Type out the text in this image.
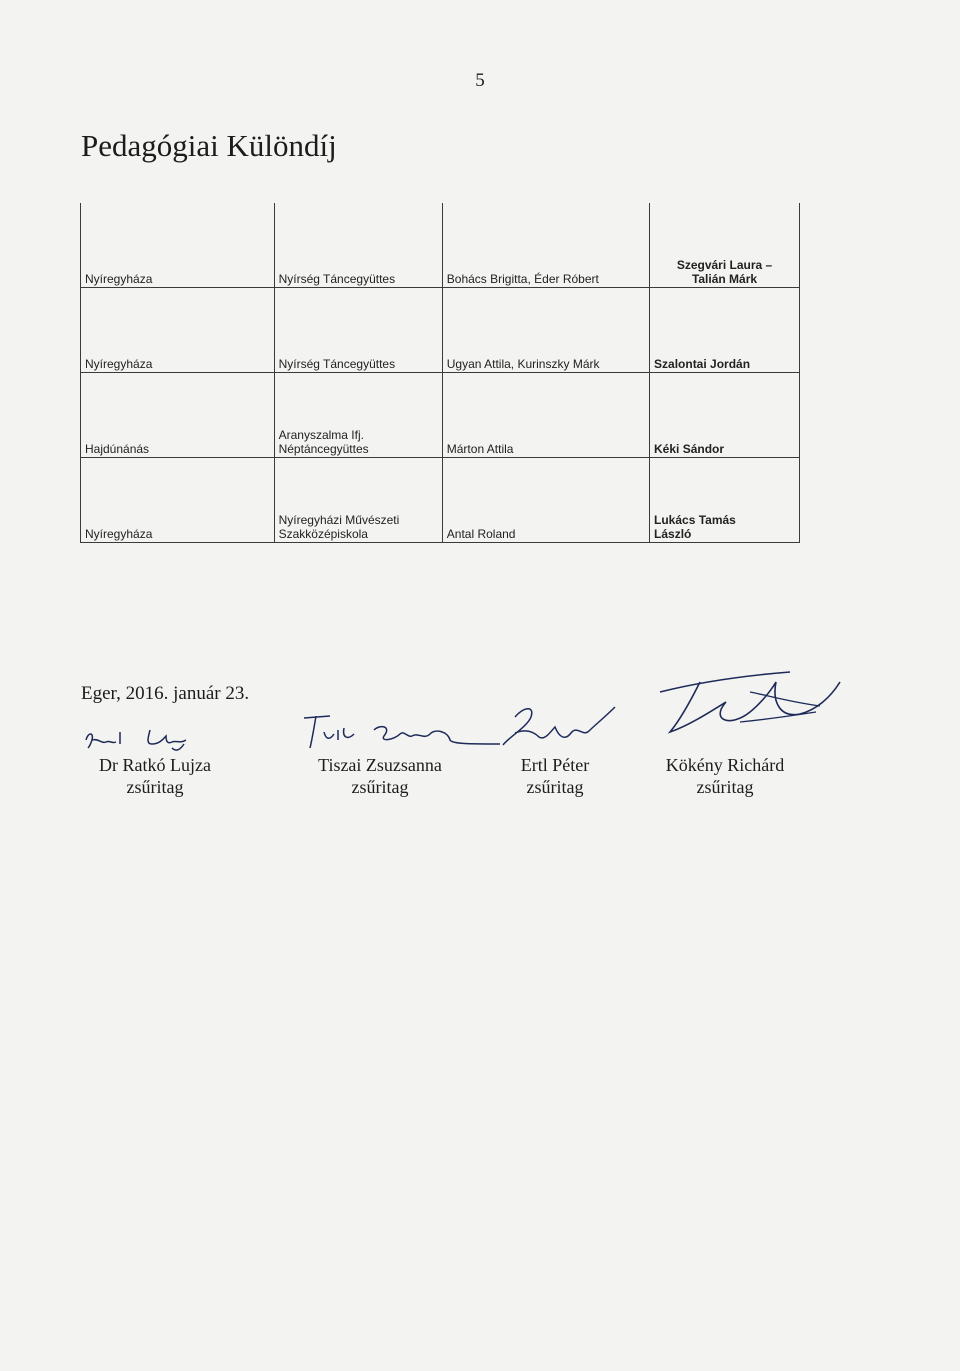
5
Pedagógiai Különdíj
Nyíregyháza	Nyírség Táncegyüttes	Bohács Brigitta, Éder Róbert	Szegvári Laura –
Talián Márk

Nyíregyháza	Nyírség Táncegyüttes	Ugyan Attila, Kurinszky Márk	Szalontai Jordán

Hajdúnánás	Aranyszalma Ifj.
Néptáncegyüttes	Márton Attila	Kéki Sándor

Nyíregyháza	Nyíregyházi Művészeti
Szakközépiskola	Antal Roland	Lukács Tamás
László
Eger, 2016. január 23.
Dr Ratkó Lujza
zsűritag
Tiszai Zsuzsanna
zsűritag
Ertl Péter
zsűritag
Kökény Richárd
zsűritag
